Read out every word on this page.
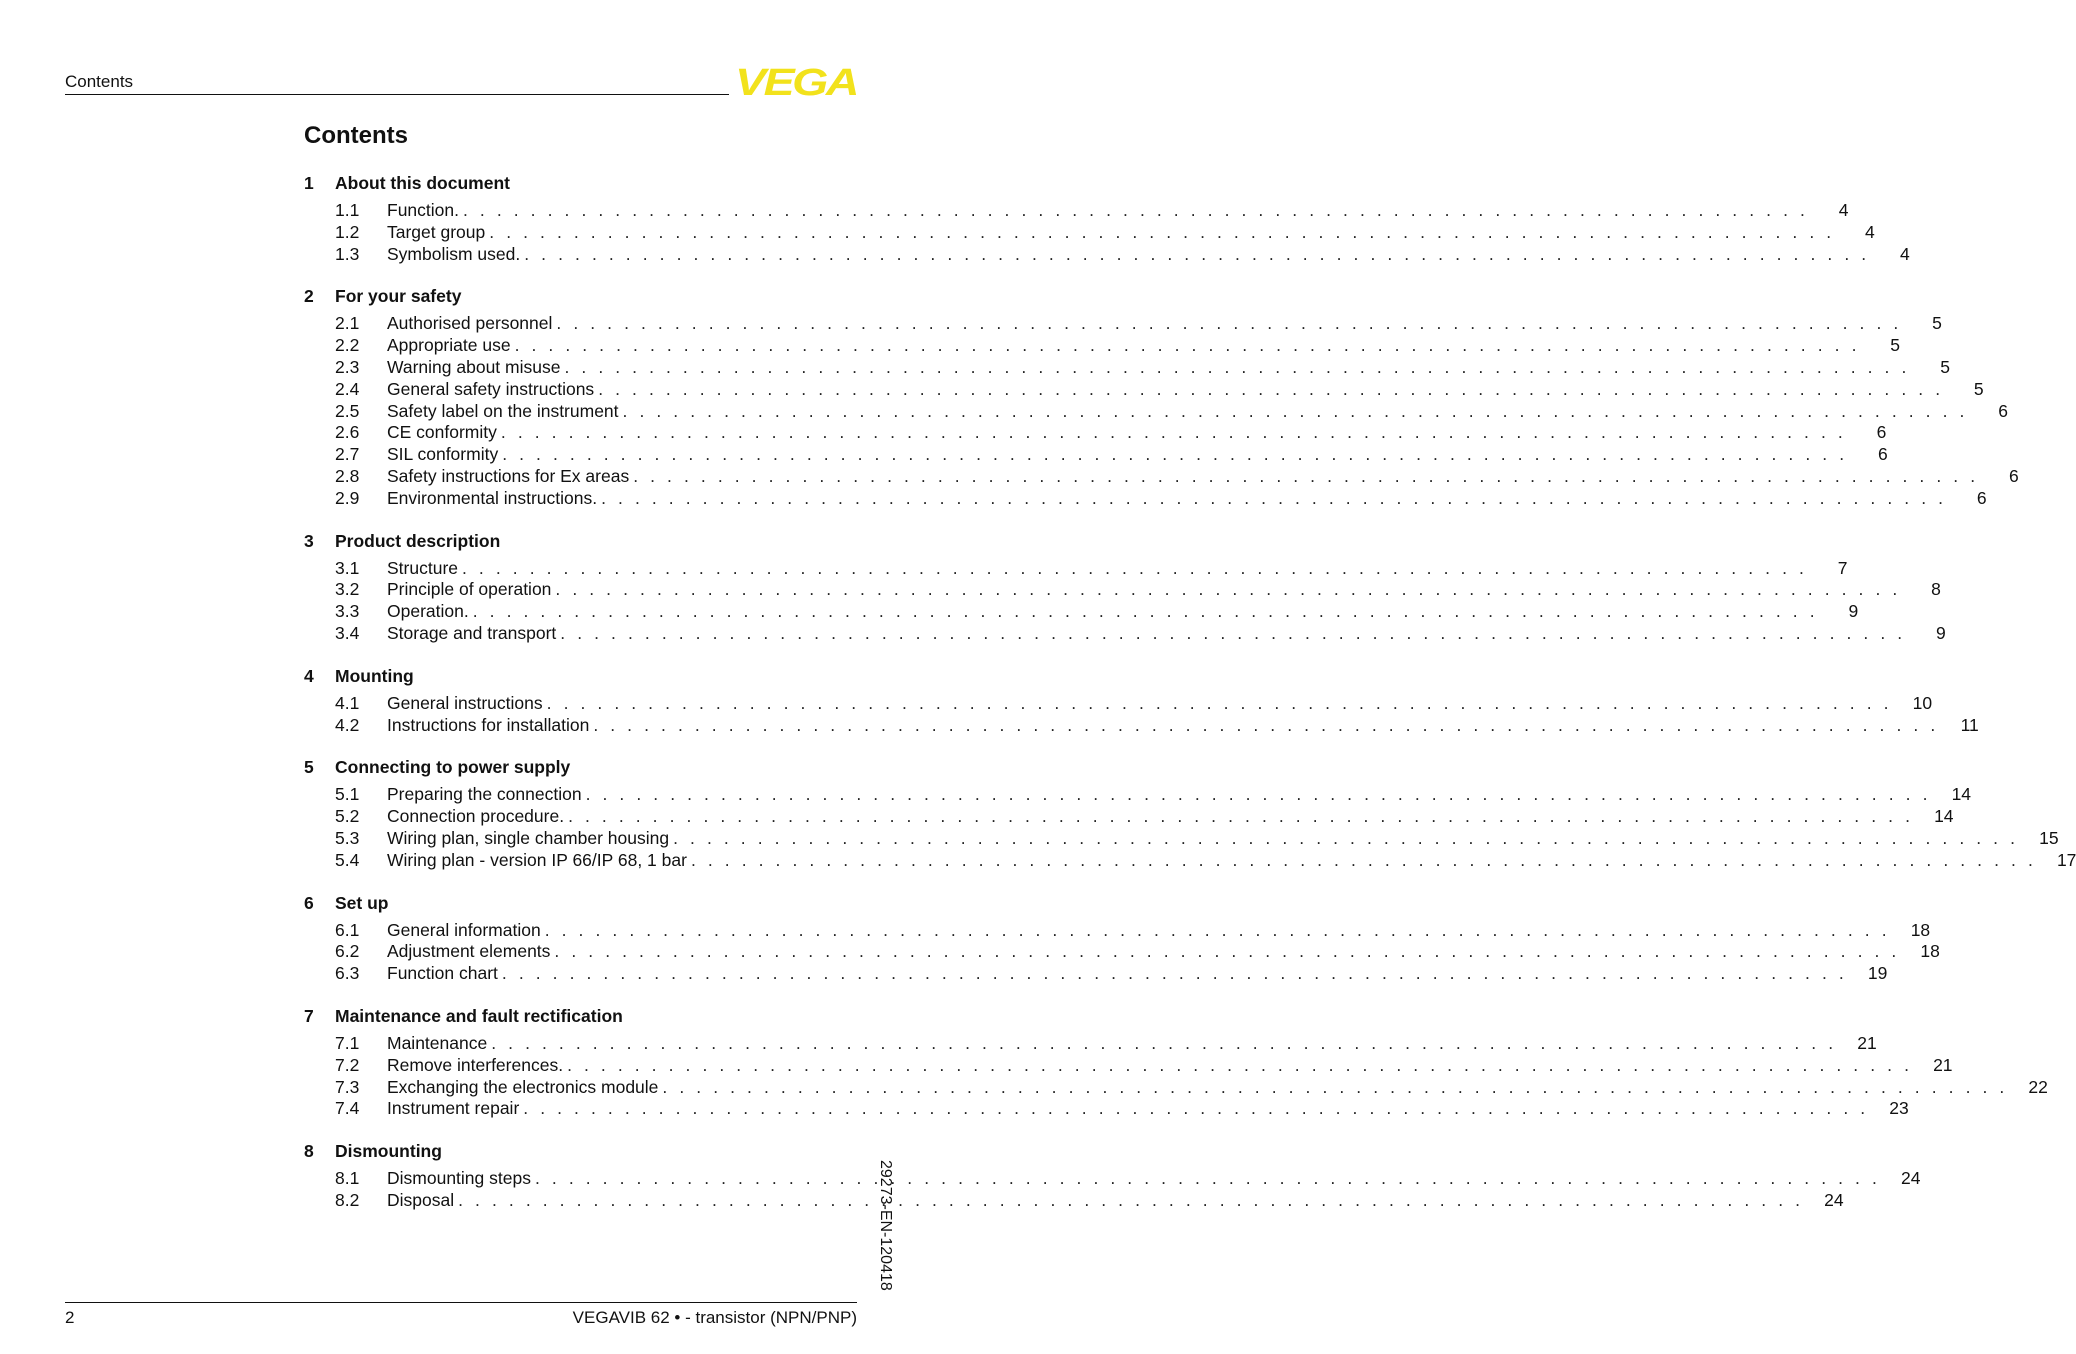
Contents	VEGA
Contents
1	About this document
1.1	Function. . . . . . . . . . . . . . . . . . . . . . . . . . . . . . . . . . . . . . . . . . . . . . . . . . . . . . . . . . . . . . . . . . . . . . . . . . . . . . . . .	4
1.2	Target group . . . . . . . . . . . . . . . . . . . . . . . . . . . . . . . . . . . . . . . . . . . . . . . . . . . . . . . . . . . . . . . . . . . . . . . . . . . . . . . .	4
1.3	Symbolism used. . . . . . . . . . . . . . . . . . . . . . . . . . . . . . . . . . . . . . . . . . . . . . . . . . . . . . . . . . . . . . . . . . . . . . . . . . . . . . . . .	4
2	For your safety
2.1	Authorised personnel . . . . . . . . . . . . . . . . . . . . . . . . . . . . . . . . . . . . . . . . . . . . . . . . . . . . . . . . . . . . . . . . . . . . . . . . . . . . . . . .	5
2.2	Appropriate use . . . . . . . . . . . . . . . . . . . . . . . . . . . . . . . . . . . . . . . . . . . . . . . . . . . . . . . . . . . . . . . . . . . . . . . . . . . . . . . .	5
2.3	Warning about misuse . . . . . . . . . . . . . . . . . . . . . . . . . . . . . . . . . . . . . . . . . . . . . . . . . . . . . . . . . . . . . . . . . . . . . . . . . . . . . . . .	5
2.4	General safety instructions . . . . . . . . . . . . . . . . . . . . . . . . . . . . . . . . . . . . . . . . . . . . . . . . . . . . . . . . . . . . . . . . . . . . . . . . . . . . . . . .	5
2.5	Safety label on the instrument . . . . . . . . . . . . . . . . . . . . . . . . . . . . . . . . . . . . . . . . . . . . . . . . . . . . . . . . . . . . . . . . . . . . . . . . . . . . . . . .	6
2.6	CE conformity . . . . . . . . . . . . . . . . . . . . . . . . . . . . . . . . . . . . . . . . . . . . . . . . . . . . . . . . . . . . . . . . . . . . . . . . . . . . . . . .	6
2.7	SIL conformity . . . . . . . . . . . . . . . . . . . . . . . . . . . . . . . . . . . . . . . . . . . . . . . . . . . . . . . . . . . . . . . . . . . . . . . . . . . . . . . .	6
2.8	Safety instructions for Ex areas . . . . . . . . . . . . . . . . . . . . . . . . . . . . . . . . . . . . . . . . . . . . . . . . . . . . . . . . . . . . . . . . . . . . . . . . . . . . . . . .	6
2.9	Environmental instructions. . . . . . . . . . . . . . . . . . . . . . . . . . . . . . . . . . . . . . . . . . . . . . . . . . . . . . . . . . . . . . . . . . . . . . . . . . . . . . . . .	6
3	Product description
3.1	Structure . . . . . . . . . . . . . . . . . . . . . . . . . . . . . . . . . . . . . . . . . . . . . . . . . . . . . . . . . . . . . . . . . . . . . . . . . . . . . . . .	7
3.2	Principle of operation . . . . . . . . . . . . . . . . . . . . . . . . . . . . . . . . . . . . . . . . . . . . . . . . . . . . . . . . . . . . . . . . . . . . . . . . . . . . . . . .	8
3.3	Operation. . . . . . . . . . . . . . . . . . . . . . . . . . . . . . . . . . . . . . . . . . . . . . . . . . . . . . . . . . . . . . . . . . . . . . . . . . . . . . . . .	9
3.4	Storage and transport . . . . . . . . . . . . . . . . . . . . . . . . . . . . . . . . . . . . . . . . . . . . . . . . . . . . . . . . . . . . . . . . . . . . . . . . . . . . . . . .	9
4	Mounting
4.1	General instructions . . . . . . . . . . . . . . . . . . . . . . . . . . . . . . . . . . . . . . . . . . . . . . . . . . . . . . . . . . . . . . . . . . . . . . . . . . . . . . . .	10
4.2	Instructions for installation . . . . . . . . . . . . . . . . . . . . . . . . . . . . . . . . . . . . . . . . . . . . . . . . . . . . . . . . . . . . . . . . . . . . . . . . . . . . . . . .	11
5	Connecting to power supply
5.1	Preparing the connection . . . . . . . . . . . . . . . . . . . . . . . . . . . . . . . . . . . . . . . . . . . . . . . . . . . . . . . . . . . . . . . . . . . . . . . . . . . . . . . .	14
5.2	Connection procedure. . . . . . . . . . . . . . . . . . . . . . . . . . . . . . . . . . . . . . . . . . . . . . . . . . . . . . . . . . . . . . . . . . . . . . . . . . . . . . . . .	14
5.3	Wiring plan, single chamber housing . . . . . . . . . . . . . . . . . . . . . . . . . . . . . . . . . . . . . . . . . . . . . . . . . . . . . . . . . . . . . . . . . . . . . . . . . . . . . . . .	15
5.4	Wiring plan - version IP 66/IP 68, 1 bar . . . . . . . . . . . . . . . . . . . . . . . . . . . . . . . . . . . . . . . . . . . . . . . . . . . . . . . . . . . . . . . . . . . . . . . . . . . . . . . .	17
6	Set up
6.1	General information . . . . . . . . . . . . . . . . . . . . . . . . . . . . . . . . . . . . . . . . . . . . . . . . . . . . . . . . . . . . . . . . . . . . . . . . . . . . . . . .	18
6.2	Adjustment elements . . . . . . . . . . . . . . . . . . . . . . . . . . . . . . . . . . . . . . . . . . . . . . . . . . . . . . . . . . . . . . . . . . . . . . . . . . . . . . . .	18
6.3	Function chart . . . . . . . . . . . . . . . . . . . . . . . . . . . . . . . . . . . . . . . . . . . . . . . . . . . . . . . . . . . . . . . . . . . . . . . . . . . . . . . .	19
7	Maintenance and fault rectification
7.1	Maintenance . . . . . . . . . . . . . . . . . . . . . . . . . . . . . . . . . . . . . . . . . . . . . . . . . . . . . . . . . . . . . . . . . . . . . . . . . . . . . . . .	21
7.2	Remove interferences. . . . . . . . . . . . . . . . . . . . . . . . . . . . . . . . . . . . . . . . . . . . . . . . . . . . . . . . . . . . . . . . . . . . . . . . . . . . . . . . .	21
7.3	Exchanging the electronics module . . . . . . . . . . . . . . . . . . . . . . . . . . . . . . . . . . . . . . . . . . . . . . . . . . . . . . . . . . . . . . . . . . . . . . . . . . . . . . . .	22
7.4	Instrument repair . . . . . . . . . . . . . . . . . . . . . . . . . . . . . . . . . . . . . . . . . . . . . . . . . . . . . . . . . . . . . . . . . . . . . . . . . . . . . . . .	23
8	Dismounting
8.1	Dismounting steps . . . . . . . . . . . . . . . . . . . . . . . . . . . . . . . . . . . . . . . . . . . . . . . . . . . . . . . . . . . . . . . . . . . . . . . . . . . . . . . .	24
8.2	Disposal . . . . . . . . . . . . . . . . . . . . . . . . . . . . . . . . . . . . . . . . . . . . . . . . . . . . . . . . . . . . . . . . . . . . . . . . . . . . . . . .	24
29273-EN-120418
2	VEGAVIB 62 • - transistor (NPN/PNP)
